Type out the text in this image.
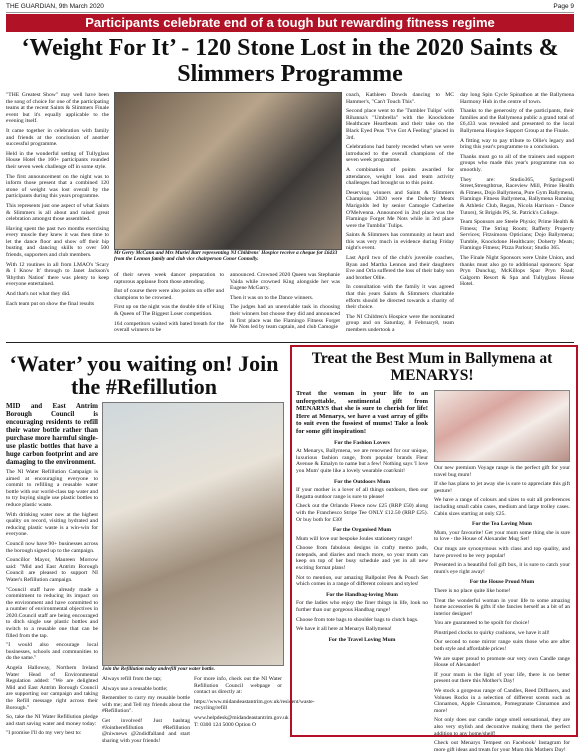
THE GUARDIAN, 9th March 2020	Page 9
Participants celebrate end of a tough but rewarding fitness regime
‘Weight For It’ - 120 Stone Lost in the 2020 Saints & Slimmers Programme

"THE Greatest Show" may well have been the song of choice for one of the participating teams at the recent Saints & Slimmers Finale event but it's equally applicable to the evening itself.

It came together in celebration with family and friends at the conclusion of another successful programme.

Held in the wonderful setting of Tullyglass House Hotel the 160+ participants rounded their seven week challenge off in some style.

The first announcement on the night was to inform those present that a combined 120 stone of weight was lost overall by the participants during this years programme.

This represents just one aspect of what Saints & Slimmers is all about and raised great celebration amongst those assembled.

Having spent the past two months exercising every muscle they knew it was then time to let the dance floor and show off their hip busting and dancing skills to over 500 friends, supporters and club members.

With 12 routines in all from LMAO's 'Scary & I Know It' through to Janet Jackson's 'Rhythm Nation' there was plenty to keep everyone entertained.

And that's not what they did.

Each team put on show the final results

Mr Gerry McCann and Mrs Muriel Barr representing NI Childrens' Hospice receive a cheque for £6433 from the Lennon family and club vice chairperson Conor Connolly.

of their seven week dancer preparation to rapturous applause from those attending.

But of course there were also points on offer and champions to be crowned.

First up on the night was the double title of King & Queen of The Biggest Loser competition.

164 competitors waited with bated breath for the overall winners to be

announced. Crowned 2020 Queen was Stephanie Vaida while crowned King alongside her was Eugene McGarry.

Then it was on to the Dance winners.

The judges had an unenviable task in choosing their winners but choose they did and announced in first place was the Flamingo Fitness Forget Me Nots led by team captain, and club Camogie

coach, Kathleen Dowds dancing to MC Hammer's, "Can't Touch This".

Second place went to the 'Tumbler Tulips' with Rihanna's "Umbrella" with the Knockdone Healthcare Heartbeats and their take on the Black Eyed Peas "I've Got A Feeling" placed in 3rd.

Celebrations had barely receded when we were introduced to the overall champions of the seven week programme.

A combination of points awarded for attendance, weight loss and team activity challenges had brought us to this point.

Deserving winners and Saints & Slimmers Champions 2020 were the Doherty Meats Marigolds led by senior Camogie Catherine O'Melvenna. Announced in 2nd place was the Flamingo Forget Me Nots while in 3rd place were the Tumblin' Tulips.

Saints & Slimmers has community at heart and this was very much in evidence during Friday night's event.

Last April two of the club's juvenile coaches, Ryan and Martha Lennon and their daughters Eve and Orla suffered the loss of their baby son and brother Ollie.

In consultation with the family it was agreed that this years Saints & Slimmers charitable efforts should be directed towards a charity of their choice.

The NI Children's Hospice were the nominated group and on Saturday, 8 February8, team members undertook a

day long Spin Cycle Spinathon at the Ballymena Harmony Hub in the centre of town.

Thanks to the generosity of the participants, their families and the Ballymena public a grand total of £6,433 was revealed and presented to the local Ballymena Hospice Support Group at the Finale.

A fitting way to pay tribute to Ollie's legacy and bring this year's programme to a conclusion.

Thanks must go to all of the trainers and support groups who made this year's programme run so smoothly.

They are: Studio365, Springwell Street,Strengthtrue, Raceview Mill, Prime Health & Fitness, Dojo Ballymena, Pure Gym Ballymena, Flamingo Fitness Ballymena, Ballymena Running & Athletic Club, Regan, Nicola Harrison - Dance Tutors), St Brigids PS, St. Patrick's College.

Team Sponsors are Steele Physio; Prime Health & Fitness; The String Room; Rafferty Property Services; Fitzsimons Opticians; Dojo Ballymena; Tumble, Knockdone Healthcare; Doherty Meats; Flamingo Fitness; Pizza Parlour; Studio 365.

The Finale Night Sponsors were Unite Union, and thanks must also go to additional sponsors: Spar Pryn Dunclug, McKillops Spar Pryn Road; Galgorm Resort & Spa and Tullyglass House Hotel.

‘Water’ you waiting on! Join the #Refillution

MID and East Antrim Borough Council is encouraging residents to refill their water bottle rather than purchase more harmful single-use plastic bottles that have a huge carbon footprint and are damaging to the environment.

The NI Water Refillution Campaign is aimed at encouraging everyone to commit to refilling a reusable water bottle with our world-class tap water and to try buying single use plastic bottles to reduce plastic waste.

With drinking water now at the highest quality on record, visiting hydrated and reducing plastic waste is a win-win for everyone.

Council now have 90+ businesses across the borough signed up to the campaign.

Councillor Mayor, Maureen Morrow said: "Mid and East Antrim Borough Council are pleased to support NI Water's Refillution campaign.

"Council staff have already made a commitment to reducing its impact on the environment and have committed to a number of environmental objectives in 2020.Council staff are being encouraged to ditch single use plastic bottles and switch to a reusable one that can be filled from the tap.

"I would also encourage local businesses, schools and communities to do the same."

Angela Halloway, Northern Ireland Water Head of Environmental Regulation added: "We are delighted Mid and East Antrim Borough Council are supporting our campaign and taking the Refill message right across their Borough."

So, take the NI Water Refillution pledge and start saving water and money today:

"I promise I'll do my very best to:

Join the Refillution today andrefill your water bottle.

Always refill from the tap;

Always use a reusable bottle;

Remember to carry my reusable bottle with me; and Tell my friends about the #Refillution".

Get involved! Just hashtag #Jointherefillution #Refillution @niwnews @2ndidfalland and start sharing with your friends!

For more info, check out the NI Water Refillution Council webpage or contact us directly at:

https://www.midandeastantrim.gov.uk/resident/waste-recycling/refill

www.helpdesk@midandeastantrim.gov.uk T: 0300 124 5000 Option O

Treat the Best Mum in Ballymena at MENARYS!

Treat the woman in your life to an unforgettable, sentimental gift from MENARYS that she is sure to cherish for life! Here at Menarys, we have a vast array of gifts to suit even the fussiest of mums! Take a look for some gift inspiration!

For the Fashion Lovers

At Menarys, Ballymena, we are renowned for our unique, luxurious fashion range, from popular brands Fleur Avenue & Emalyn to name but a few! Nothing says 'I love you Mum' quite like a lovely wearable coat/knit!

For the Outdoors Mum

If your mother is a lover of all things outdoors, then our Regatta outdoor range is sure to please!

Check out the Orlando Fleece now £25 (RRP £50) along with the Franchesco Stripe Tee ONLY £12.50 (RRP £25). Or buy both for £30!

For the Organised Mum

Mum will love our bespoke Joules stationery range!

Choose from fabulous designs in crafty memo pads, notepads, and diaries and much more, so your mum can keep on top of her busy schedule and yet in all new exciting format plans!

Not to mention, our amazing Ballpoint Pen & Pouch Set which comes in a range of different colours and styles!

For the Handbag-loving Mum

For the ladies who enjoy the finer things in life, look no further than our gorgeous Handbag range!

Choose from tote bags to shoulder bags to clutch bags.

We have it all here at Menarys Ballymena!

For the Travel Loving Mum

Our new premium Voyage range is the perfect gift for your travel bug mum!

If she has plans to jet away she is sure to appreciate this gift gesture!

We have a range of colours and sizes to suit all preferences including small cabin cases, medium and large trolley cases. Cabin sizes starting at only £25.

For the Tea Loving Mum

Mum, your favourite! Get your mum some thing she is sure to love - the House of Alexander Mug Set!

Our mugs are synonymous with class and top quality, and have proved to be very popular!

Presented in a beautiful foil gift box, it is sure to catch your mum's eye right away!

For the House Proud Mum

There is no place quite like home!

Treat the wonderful woman in your life to some amazing home accessories & gifts if she fancies herself as a bit of an interior designer!

You are guaranteed to be spoilt for choice!

Pinstriped clocks to quirky cushions, we have it all!

Our second to none mirror range suits those who are after both style and affordable prices!

We are super proud to promote our very own Candle range House of Alexander!

If your mum is the light of your life, there is no better present out there this Mother's Day!

We stock a gorgeous range of Candles, Reed Diffusers, and Voluses Rocks in a selection of different scents such as Cinnamon, Apple Cinnamon, Pomegranate Cinnamon and more!

Not only does our candle range smell sensational, they are also very stylish and decorative making them the perfect addition to any home/shelf!

Check out Menarys Tempest on Facebook/ Instagram for more gift ideas and treats for your Mum this Mothers Day!
